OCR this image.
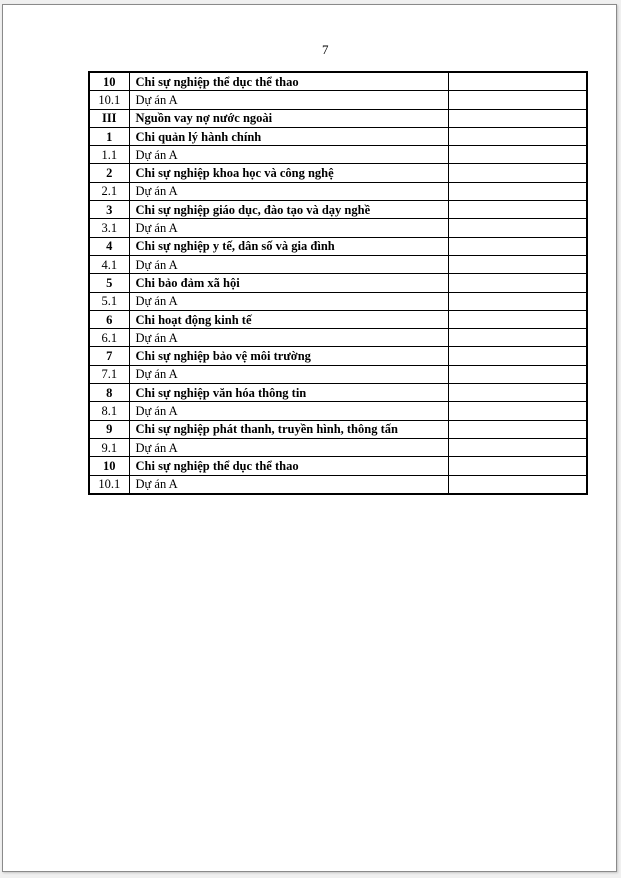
7
10	Chi sự nghiệp thể dục thể thao	
10.1	Dự án A	
III	Nguồn vay nợ nước ngoài	
1	Chi quản lý hành chính	
1.1	Dự án A	
2	Chi sự nghiệp khoa học và công nghệ	
2.1	Dự án A	
3	Chi sự nghiệp giáo dục, đào tạo và dạy nghề	
3.1	Dự án A	
4	Chi sự nghiệp y tế, dân số và gia đình	
4.1	Dự án A	
5	Chi bảo đảm xã hội	
5.1	Dự án A	
6	Chi hoạt động kinh tế	
6.1	Dự án A	
7	Chi sự nghiệp bảo vệ môi trường	
7.1	Dự án A	
8	Chi sự nghiệp văn hóa thông tin	
8.1	Dự án A	
9	Chi sự nghiệp phát thanh, truyền hình, thông tấn	
9.1	Dự án A	
10	Chi sự nghiệp thể dục thể thao	
10.1	Dự án A	
